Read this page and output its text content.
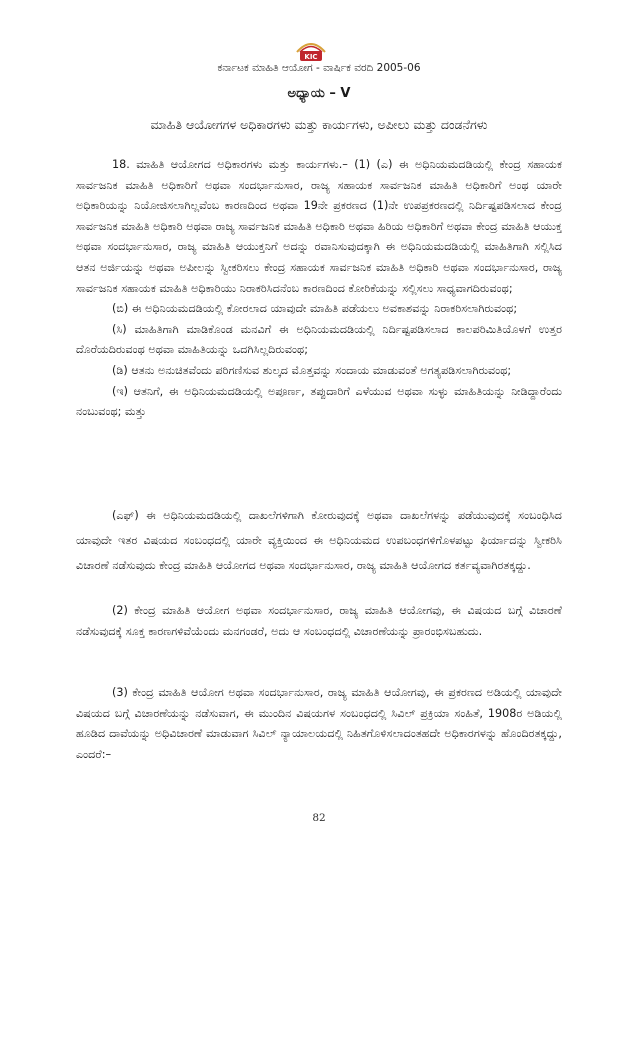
KIC
ಕರ್ನಾಟಕ ಮಾಹಿತಿ ಆಯೋಗ - ವಾರ್ಷಿಕ ವರದಿ 2005-06
ಅಧ್ಯಾಯ – V
ಮಾಹಿತಿ ಆಯೋಗಗಳ ಅಧಿಕಾರಗಳು ಮತ್ತು ಕಾರ್ಯಗಳು, ಅಪೀಲು ಮತ್ತು ದಂಡನೆಗಳು

18. ಮಾಹಿತಿ ಆಯೋಗದ ಅಧಿಕಾರಗಳು ಮತ್ತು ಕಾರ್ಯಗಳು.– (1) (ಎ) ಈ ಅಧಿನಿಯಮದಡಿಯಲ್ಲಿ ಕೇಂದ್ರ ಸಹಾಯಕ ಸಾರ್ವಜನಿಕ ಮಾಹಿತಿ ಅಧಿಕಾರಿಗೆ ಅಥವಾ ಸಂದರ್ಭಾನುಸಾರ, ರಾಜ್ಯ ಸಹಾಯಕ ಸಾರ್ವಜನಿಕ ಮಾಹಿತಿ ಅಧಿಕಾರಿಗೆ ಅಂಥ ಯಾರೇ ಅಧಿಕಾರಿಯನ್ನು ನಿಯೋಜಿಸಲಾಗಿಲ್ಲವೆಂಬ ಕಾರಣದಿಂದ ಅಥವಾ 19ನೇ ಪ್ರಕರಣದ (1)ನೇ ಉಪಪ್ರಕರಣದಲ್ಲಿ ನಿರ್ದಿಷ್ಟಪಡಿಸಲಾದ ಕೇಂದ್ರ ಸಾರ್ವಜನಿಕ ಮಾಹಿತಿ ಅಧಿಕಾರಿ ಅಥವಾ ರಾಜ್ಯ ಸಾರ್ವಜನಿಕ ಮಾಹಿತಿ ಅಧಿಕಾರಿ ಅಥವಾ ಹಿರಿಯ ಅಧಿಕಾರಿಗೆ ಅಥವಾ ಕೇಂದ್ರ ಮಾಹಿತಿ ಆಯುಕ್ತ ಅಥವಾ ಸಂದರ್ಭಾನುಸಾರ, ರಾಜ್ಯ ಮಾಹಿತಿ ಆಯುಕ್ತನಿಗೆ ಅದನ್ನು ರವಾನಿಸುವುದಕ್ಕಾಗಿ ಈ ಅಧಿನಿಯಮದಡಿಯಲ್ಲಿ ಮಾಹಿತಿಗಾಗಿ ಸಲ್ಲಿಸಿದ ಆತನ ಅರ್ಜಿಯನ್ನು ಅಥವಾ ಅಪೀಲನ್ನು ಸ್ವೀಕರಿಸಲು ಕೇಂದ್ರ ಸಹಾಯಕ ಸಾರ್ವಜನಿಕ ಮಾಹಿತಿ ಅಧಿಕಾರಿ ಅಥವಾ ಸಂದರ್ಭಾನುಸಾರ, ರಾಜ್ಯ ಸಾರ್ವಜನಿಕ ಸಹಾಯಕ ಮಾಹಿತಿ ಅಧಿಕಾರಿಯು ನಿರಾಕರಿಸಿದನೆಂಬ ಕಾರಣದಿಂದ ಕೋರಿಕೆಯನ್ನು ಸಲ್ಲಿಸಲು ಸಾಧ್ಯವಾಗದಿರುವಂಥ;

(ಬಿ) ಈ ಅಧಿನಿಯಮದಡಿಯಲ್ಲಿ ಕೋರಲಾದ ಯಾವುದೇ ಮಾಹಿತಿ ಪಡೆಯಲು ಅವಕಾಶವನ್ನು ನಿರಾಕರಿಸಲಾಗಿರುವಂಥ;

(ಸಿ) ಮಾಹಿತಿಗಾಗಿ ಮಾಡಿಕೊಂಡ ಮನವಿಗೆ ಈ ಅಧಿನಿಯಮದಡಿಯಲ್ಲಿ ನಿರ್ದಿಷ್ಟಪಡಿಸಲಾದ ಕಾಲಪರಿಮಿತಿಯೊಳಗೆ ಉತ್ತರ ದೊರೆಯದಿರುವಂಥ ಅಥವಾ ಮಾಹಿತಿಯನ್ನು ಒದಗಿಸಿಲ್ಲದಿರುವಂಥ;

(ಡಿ) ಆತನು ಅನುಚಿತವೆಂದು ಪರಿಗಣಿಸುವ ಶುಲ್ಕದ ಮೊತ್ತವನ್ನು ಸಂದಾಯ ಮಾಡುವಂತೆ ಅಗತ್ಯಪಡಿಸಲಾಗಿರುವಂಥ;

(ಇ) ಆತನಿಗೆ, ಈ ಅಧಿನಿಯಮದಡಿಯಲ್ಲಿ ಅಪೂರ್ಣ, ತಪ್ಪುದಾರಿಗೆ ಎಳೆಯುವ ಅಥವಾ ಸುಳ್ಳು ಮಾಹಿತಿಯನ್ನು ನೀಡಿದ್ದಾರೆಂದು ನಂಬುವಂಥ; ಮತ್ತು

(ಎಫ್) ಈ ಅಧಿನಿಯಮದಡಿಯಲ್ಲಿ ದಾಖಲೆಗಳಿಗಾಗಿ ಕೋರುವುದಕ್ಕೆ ಅಥವಾ ದಾಖಲೆಗಳನ್ನು ಪಡೆಯುವುದಕ್ಕೆ ಸಂಬಂಧಿಸಿದ ಯಾವುದೇ ಇತರ ವಿಷಯದ ಸಂಬಂಧದಲ್ಲಿ ಯಾರೇ ವ್ಯಕ್ತಿಯಿಂದ ಈ ಅಧಿನಿಯಮದ ಉಪಬಂಧಗಳಿಗೊಳಪಟ್ಟು ಫಿರ್ಯಾದನ್ನು ಸ್ವೀಕರಿಸಿ ವಿಚಾರಣೆ ನಡೆಸುವುದು ಕೇಂದ್ರ ಮಾಹಿತಿ ಆಯೋಗದ ಅಥವಾ ಸಂದರ್ಭಾನುಸಾರ, ರಾಜ್ಯ ಮಾಹಿತಿ ಆಯೋಗದ ಕರ್ತವ್ಯವಾಗಿರತಕ್ಕದ್ದು.

(2) ಕೇಂದ್ರ ಮಾಹಿತಿ ಆಯೋಗ ಅಥವಾ ಸಂದರ್ಭಾನುಸಾರ, ರಾಜ್ಯ ಮಾಹಿತಿ ಆಯೋಗವು, ಈ ವಿಷಯದ ಬಗ್ಗೆ ವಿಚಾರಣೆ ನಡೆಸುವುದಕ್ಕೆ ಸೂಕ್ತ ಕಾರಣಗಳಿವೆಯೆಂದು ಮನಗಂಡರೆ, ಅದು ಆ ಸಂಬಂಧದಲ್ಲಿ ವಿಚಾರಣೆಯನ್ನು ಪ್ರಾರಂಭಿಸಬಹುದು.

(3) ಕೇಂದ್ರ ಮಾಹಿತಿ ಆಯೋಗ ಅಥವಾ ಸಂದರ್ಭಾನುಸಾರ, ರಾಜ್ಯ ಮಾಹಿತಿ ಆಯೋಗವು, ಈ ಪ್ರಕರಣದ ಅಡಿಯಲ್ಲಿ ಯಾವುದೇ ವಿಷಯದ ಬಗ್ಗೆ ವಿಚಾರಣೆಯನ್ನು ನಡೆಸುವಾಗ, ಈ ಮುಂದಿನ ವಿಷಯಗಳ ಸಂಬಂಧದಲ್ಲಿ ಸಿವಿಲ್ ಪ್ರಕ್ರಿಯಾ ಸಂಹಿತೆ, 1908ರ ಅಡಿಯಲ್ಲಿ ಹೂಡಿದ ದಾವೆಯನ್ನು ಅಧಿವಿಚಾರಣೆ ಮಾಡುವಾಗ ಸಿವಿಲ್ ನ್ಯಾಯಾಲಯದಲ್ಲಿ ನಿಹಿತಗೊಳಿಸಲಾದಂತಹದೇ ಅಧಿಕಾರಗಳನ್ನು ಹೊಂದಿರತಕ್ಕದ್ದು, ಎಂದರೆ:–

82
